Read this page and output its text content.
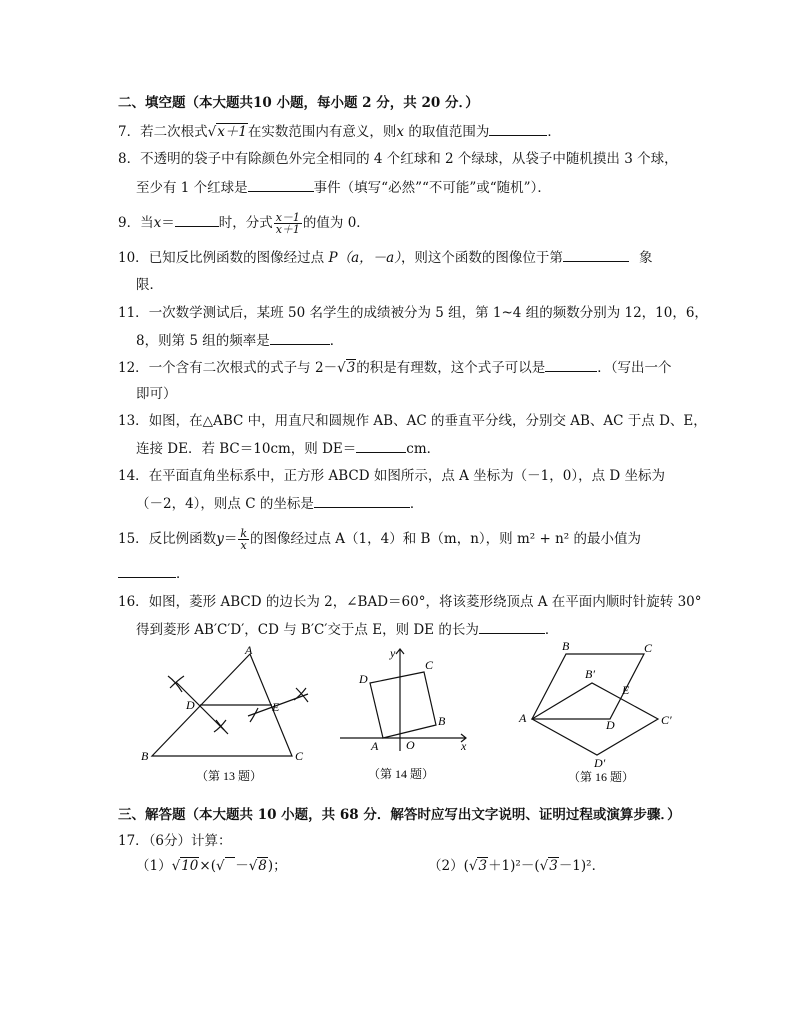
二、填空题（本大题共10 小题，每小题 2 分，共 20 分．）
7．若二次根式√x＋1在实数范围内有意义，则x 的取值范围为	．
8．不透明的袋子中有除颜色外完全相同的 4 个红球和 2 个绿球，从袋子中随机摸出 3 个球，
至少有 1 个红球是	事件（填写“必然”“不可能”或“随机”）．
9．当x＝	时，分式 $\frac{x-1}{x+1}$ 的值为 0．
10．已知反比例函数的图像经过点 P（a，－a），则这个函数的图像位于第	象
限．
11．一次数学测试后，某班 50 名学生的成绩被分为 5 组，第 1~4 组的频数分别为 12，10，6，
8，则第 5 组的频率是	．
12．一个含有二次根式的式子与 2－√3的积是有理数，这个式子可以是	．（写出一个
即可）
13．如图，在△ABC 中，用直尺和圆规作 AB、AC 的垂直平分线，分别交 AB、AC 于点 D、E，
连接 DE．若 BC＝10cm，则 DE＝	cm．
14．在平面直角坐标系中，正方形 ABCD 如图所示，点 A 坐标为（－1，0），点 D 坐标为
（－2，4），则点 C 的坐标是	．
15．反比例函数$y= \frac{k}{x}$ 的图像经过点 A（1，4）和 B（m，n），则 m² + n² 的最小值为
．
16．如图，菱形 ABCD 的边长为 2，∠BAD＝60°，将该菱形绕顶点 A 在平面内顺时针旋转 30°
得到菱形 AB′C′D′，CD 与 B′C′交于点 E，则 DE 的长为	．
A
B	C
D	E
（第 13 题）
A
B
C
D
O	x
y
（第 14 题）
A
B	C
D
E
B′
C′
D′
（第 16 题）
三、解答题（本大题共 10 小题，共 68 分．解答时应写出文字说明、证明过程或演算步骤．）
17．（6分）计算：
（1）√10×(√ －√8)；	（2）(√3＋1)²－(√3－1)²．
